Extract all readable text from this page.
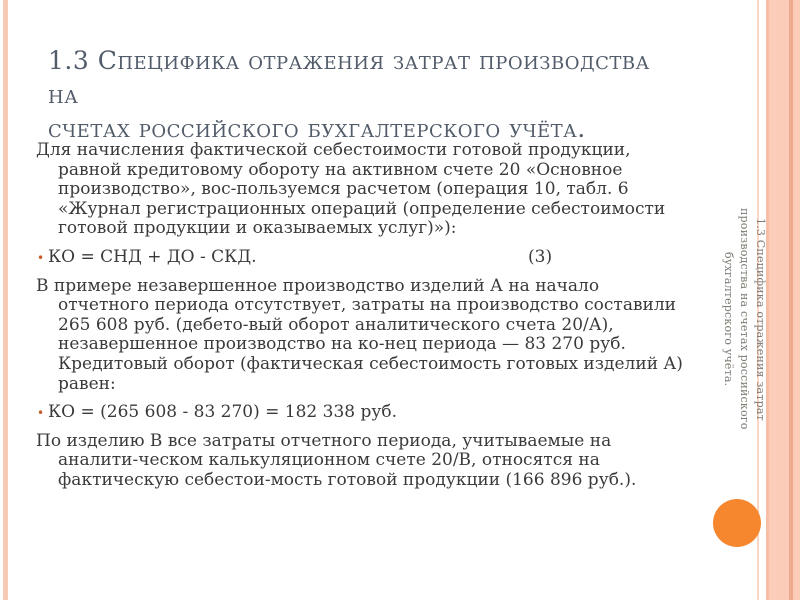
1.3 Специфика отражения затрат
производства на счетах российского
бухгалтерского учёта.
1.3 Специфика отражения затрат производства на
счетах российского бухгалтерского учёта.

Для начисления фактической себестоимости готовой продукции, равной кредитовому обороту на активном счете 20 «Основное производство», вос-пользуемся расчетом (операция 10, табл. 6 «Журнал регистрационных операций (определение себестоимости готовой продукции и оказываемых услуг)»):

• КО = СНД + ДО - СКД.	(3)

В примере незавершенное производство изделий А на начало отчетного периода отсутствует, затраты на производство составили 265 608 руб. (дебето-вый оборот аналитического счета 20/А), незавершенное производство на ко-нец периода — 83 270 руб. Кредитовый оборот (фактическая себестоимость готовых изделий А) равен:

• КО = (265 608 - 83 270) = 182 338 руб.

По изделию В все затраты отчетного периода, учитываемые на аналити-ческом калькуляционном счете 20/В, относятся на фактическую себестои-мость готовой продукции (166 896 руб.).
